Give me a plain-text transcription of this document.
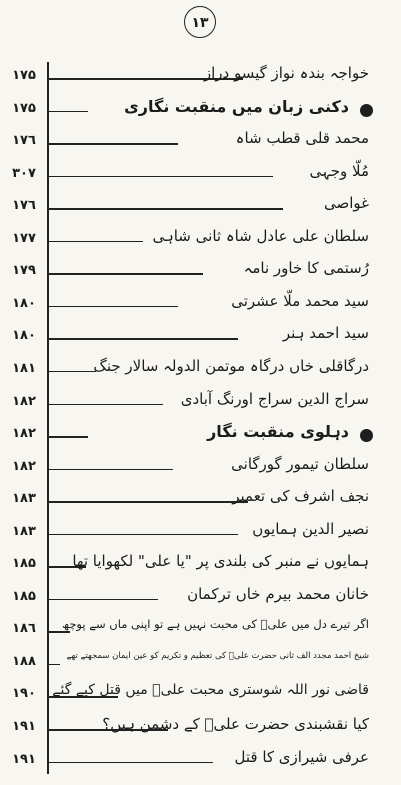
١٣
١٧۵	خواجہ بندہ نواز گیسو دراز
١٧۵	دکنی زبان میں منقبت نگاری
١٧٦	محمد قلی قطب شاہ
٣٠٧	مُلّا وجہی
١٧٦	غواصی
١٧٧	سلطان علی عادل شاہ ثانی شاہی
١٧٩	رُستمی کا خاور نامہ
١٨٠	سید محمد ملّا عشرتی
١٨٠	سید احمد ہنر
١٨١	درگاقلی خاں درگاہ موتمن الدولہ سالار جنگ
١٨٢	سراج الدین سراج اورنگ آبادی
١٨٢	دہلوی منقبت نگار
١٨٢	سلطان تیمور گورگانی
١٨٣	نجف اشرف کی تعمیر
١٨٣	نصیر الدین ہمایوں
١٨۵	ہمایوں نے منبر کی بلندی پر "یا علی" لکھوایا تھا
١٨۵	خانان محمد بیرم خاں ترکمان
١٨٦	اگر تیرے دل میں علیؑ کی محبت نہیں ہے تو اپنی ماں سے پوچھ
١٨٨	شیخ احمد مجدد الف ثانی حضرت علیؑ کی تعظیم و تکریم کو عین ایمان سمجھتے تھے
١٩٠	قاضی نور اللہ شوستری محبت علیؑ میں قتل کیے گئے
١٩١	کیا نقشبندی حضرت علیؑ کے دشمن ہیں؟
١٩١	عرفی شیرازی کا قتل
